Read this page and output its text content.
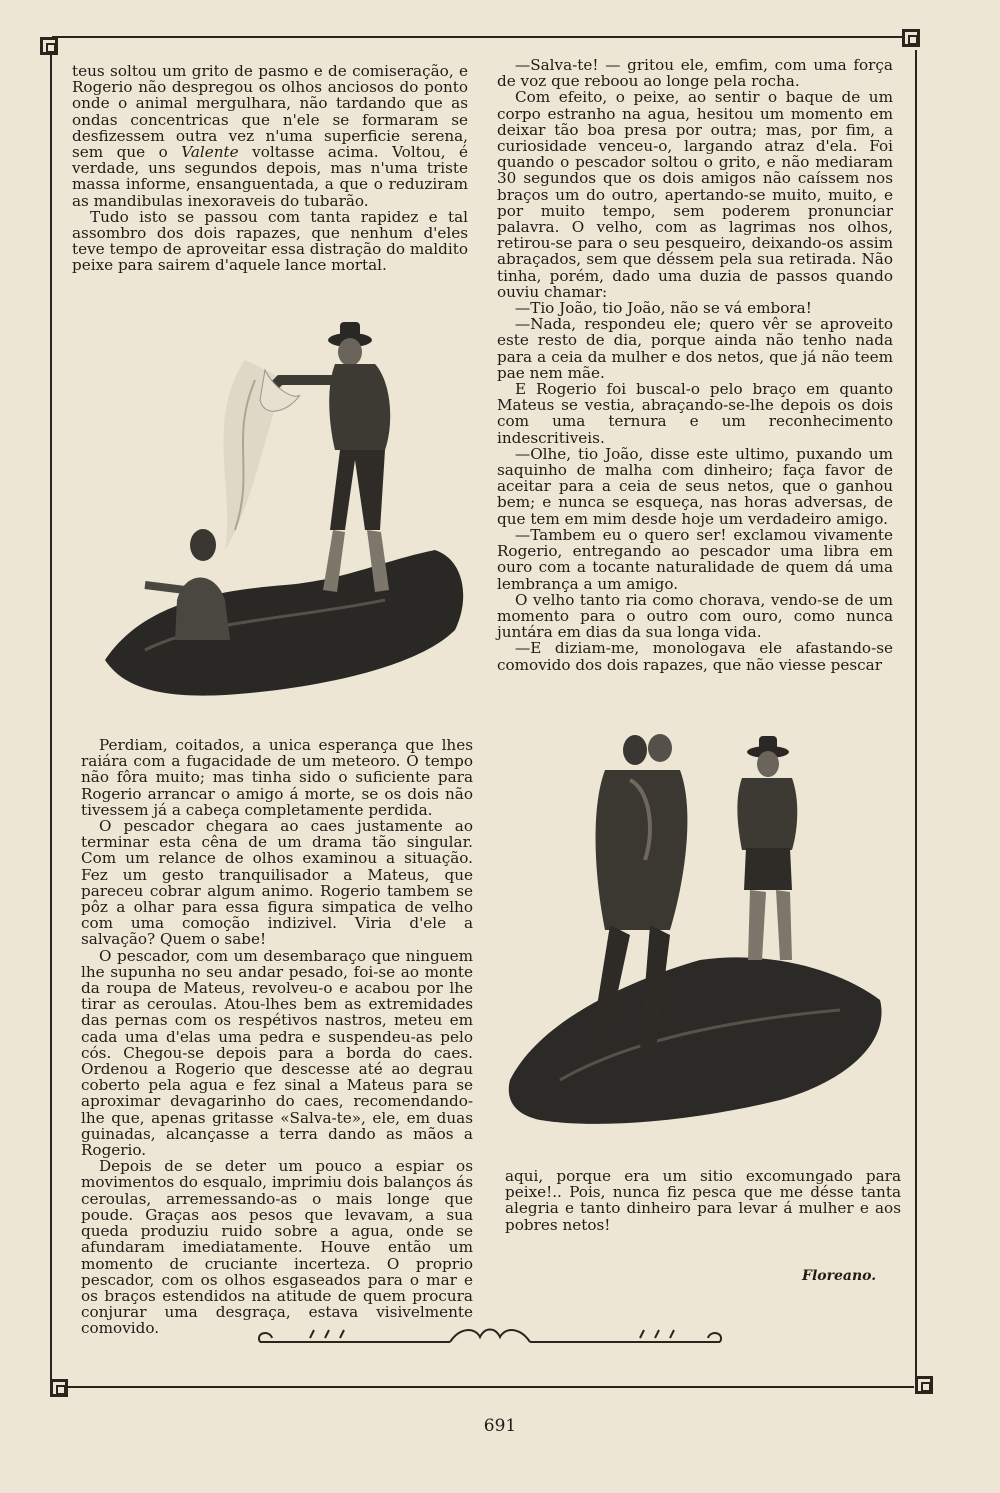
teus soltou um grito de pasmo e de comiseração, e Rogerio não despregou os olhos anciosos do ponto onde o animal mergulhara, não tardando que as ondas concentricas que n'ele se formaram se desfizessem outra vez n'uma superficie serena, sem que o Valente voltasse acima. Voltou, é verdade, uns segundos depois, mas n'uma triste massa informe, ensanguentada, a que o reduziram as mandibulas inexoraveis do tubarão.

Tudo isto se passou com tanta rapidez e tal assombro dos dois rapazes, que nenhum d'eles teve tempo de aproveitar essa distração do maldito peixe para sairem d'aquele lance mortal.

—Salva-te! — gritou ele, emfim, com uma força de voz que reboou ao longe pela rocha.

Com efeito, o peixe, ao sentir o baque de um corpo estranho na agua, hesitou um momento em deixar tão boa presa por outra; mas, por fim, a curiosidade venceu-o, largando atraz d'ela. Foi quando o pescador soltou o grito, e não mediaram 30 segundos que os dois amigos não caíssem nos braços um do outro, apertando-se muito, muito, e por muito tempo, sem poderem pronunciar palavra. O velho, com as lagrimas nos olhos, retirou-se para o seu pesqueiro, deixando-os assim abraçados, sem que déssem pela sua retirada. Não tinha, porém, dado uma duzia de passos quando ouviu chamar:

—Tio João, tio João, não se vá embora!

—Nada, respondeu ele; quero vêr se aproveito este resto de dia, porque ainda não tenho nada para a ceia da mulher e dos netos, que já não teem pae nem mãe.

E Rogerio foi buscal-o pelo braço em quanto Mateus se vestia, abraçando-se-lhe depois os dois com uma ternura e um reconhecimento indescritiveis.

—Olhe, tio João, disse este ultimo, puxando um saquinho de malha com dinheiro; faça favor de aceitar para a ceia de seus netos, que o ganhou bem; e nunca se esqueça, nas horas adversas, de que tem em mim desde hoje um verdadeiro amigo.

—Tambem eu o quero ser! exclamou vivamente Rogerio, entregando ao pescador uma libra em ouro com a tocante naturalidade de quem dá uma lembrança a um amigo.

O velho tanto ria como chorava, vendo-se de um momento para o outro com ouro, como nunca juntára em dias da sua longa vida.

—E diziam-me, monologava ele afastando-se comovido dos dois rapazes, que não viesse pescar

Perdiam, coitados, a unica esperança que lhes raiára com a fugacidade de um meteoro. O tempo não fôra muito; mas tinha sido o suficiente para Rogerio arrancar o amigo á morte, se os dois não tivessem já a cabeça completamente perdida.

O pescador chegara ao caes justamente ao terminar esta cêna de um drama tão singular. Com um relance de olhos examinou a situação. Fez um gesto tranquilisador a Mateus, que pareceu cobrar algum animo. Rogerio tambem se pôz a olhar para essa figura simpatica de velho com uma comoção indizivel. Viria d'ele a salvação? Quem o sabe!

O pescador, com um desembaraço que ninguem lhe supunha no seu andar pesado, foi-se ao monte da roupa de Mateus, revolveu-o e acabou por lhe tirar as ceroulas. Atou-lhes bem as extremidades das pernas com os respétivos nastros, meteu em cada uma d'elas uma pedra e suspendeu-as pelo cós. Chegou-se depois para a borda do caes. Ordenou a Rogerio que descesse até ao degrau coberto pela agua e fez sinal a Mateus para se aproximar devagarinho do caes, recomendando-lhe que, apenas gritasse «Salva-te», ele, em duas guinadas, alcançasse a terra dando as mãos a Rogerio.

Depois de se deter um pouco a espiar os movimentos do esqualo, imprimiu dois balanços ás ceroulas, arremessando-as o mais longe que poude. Graças aos pesos que levavam, a sua queda produziu ruido sobre a agua, onde se afundaram imediatamente. Houve então um momento de cruciante incerteza. O proprio pescador, com os olhos esgaseados para o mar e os braços estendidos na atitude de quem procura conjurar uma desgraça, estava visivelmente comovido.

aqui, porque era um sitio excomungado para peixe!.. Pois, nunca fiz pesca que me désse tanta alegria e tanto dinheiro para levar á mulher e aos pobres netos!

Floreano.
691
